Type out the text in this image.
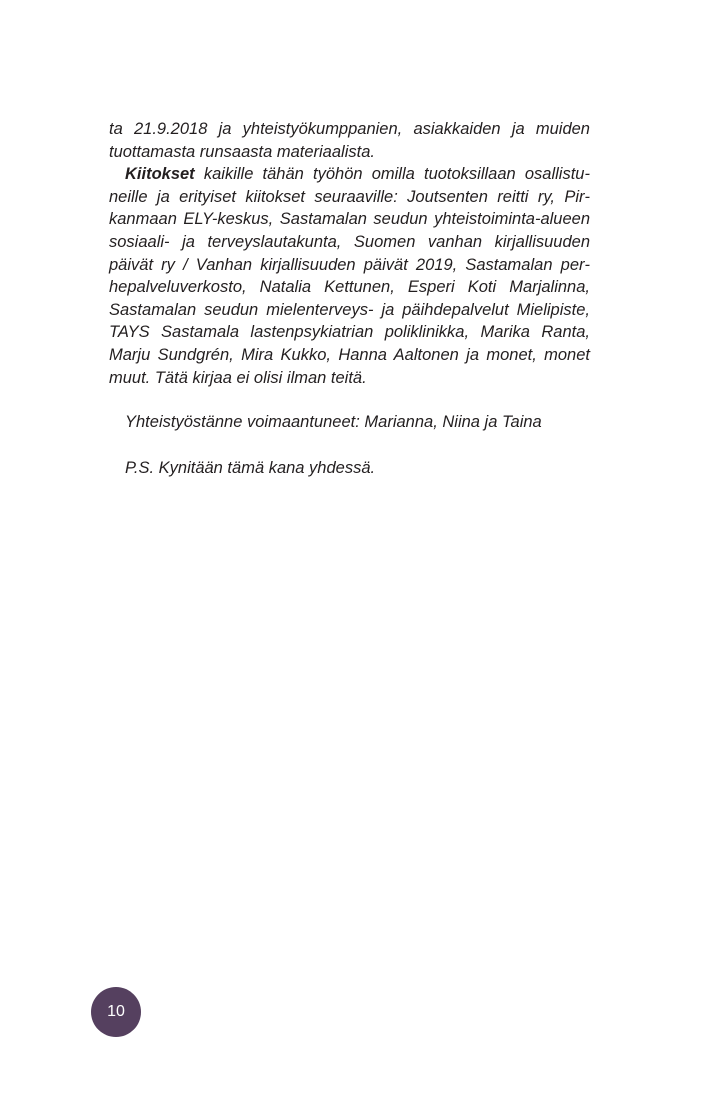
ta 21.9.2018 ja yhteistyökumppanien, asiakkaiden ja muiden tuottamasta runsaasta materiaalista.

Kiitokset kaikille tähän työhön omilla tuotoksillaan osallistuneille ja erityiset kiitokset seuraaville: Joutsenten reitti ry, Pirkanmaan ELY-keskus, Sastamalan seudun yhteistoiminta-alueen sosiaali- ja terveyslautakunta, Suomen vanhan kirjallisuuden päivät ry / Vanhan kirjallisuuden päivät 2019, Sastamalan perhepalveluverkosto, Natalia Kettunen, Esperi Koti Marjalinna, Sastamalan seudun mielenterveys- ja päihdepalvelut Mielipiste, TAYS Sastamala lastenpsykiatrian poliklinikka, Marika Ranta, Marju Sundgrén, Mira Kukko, Hanna Aaltonen ja monet, monet muut. Tätä kirjaa ei olisi ilman teitä.

Yhteistyöstänne voimaantuneet: Marianna, Niina ja Taina
P.S. Kynitään tämä kana yhdessä.
10
